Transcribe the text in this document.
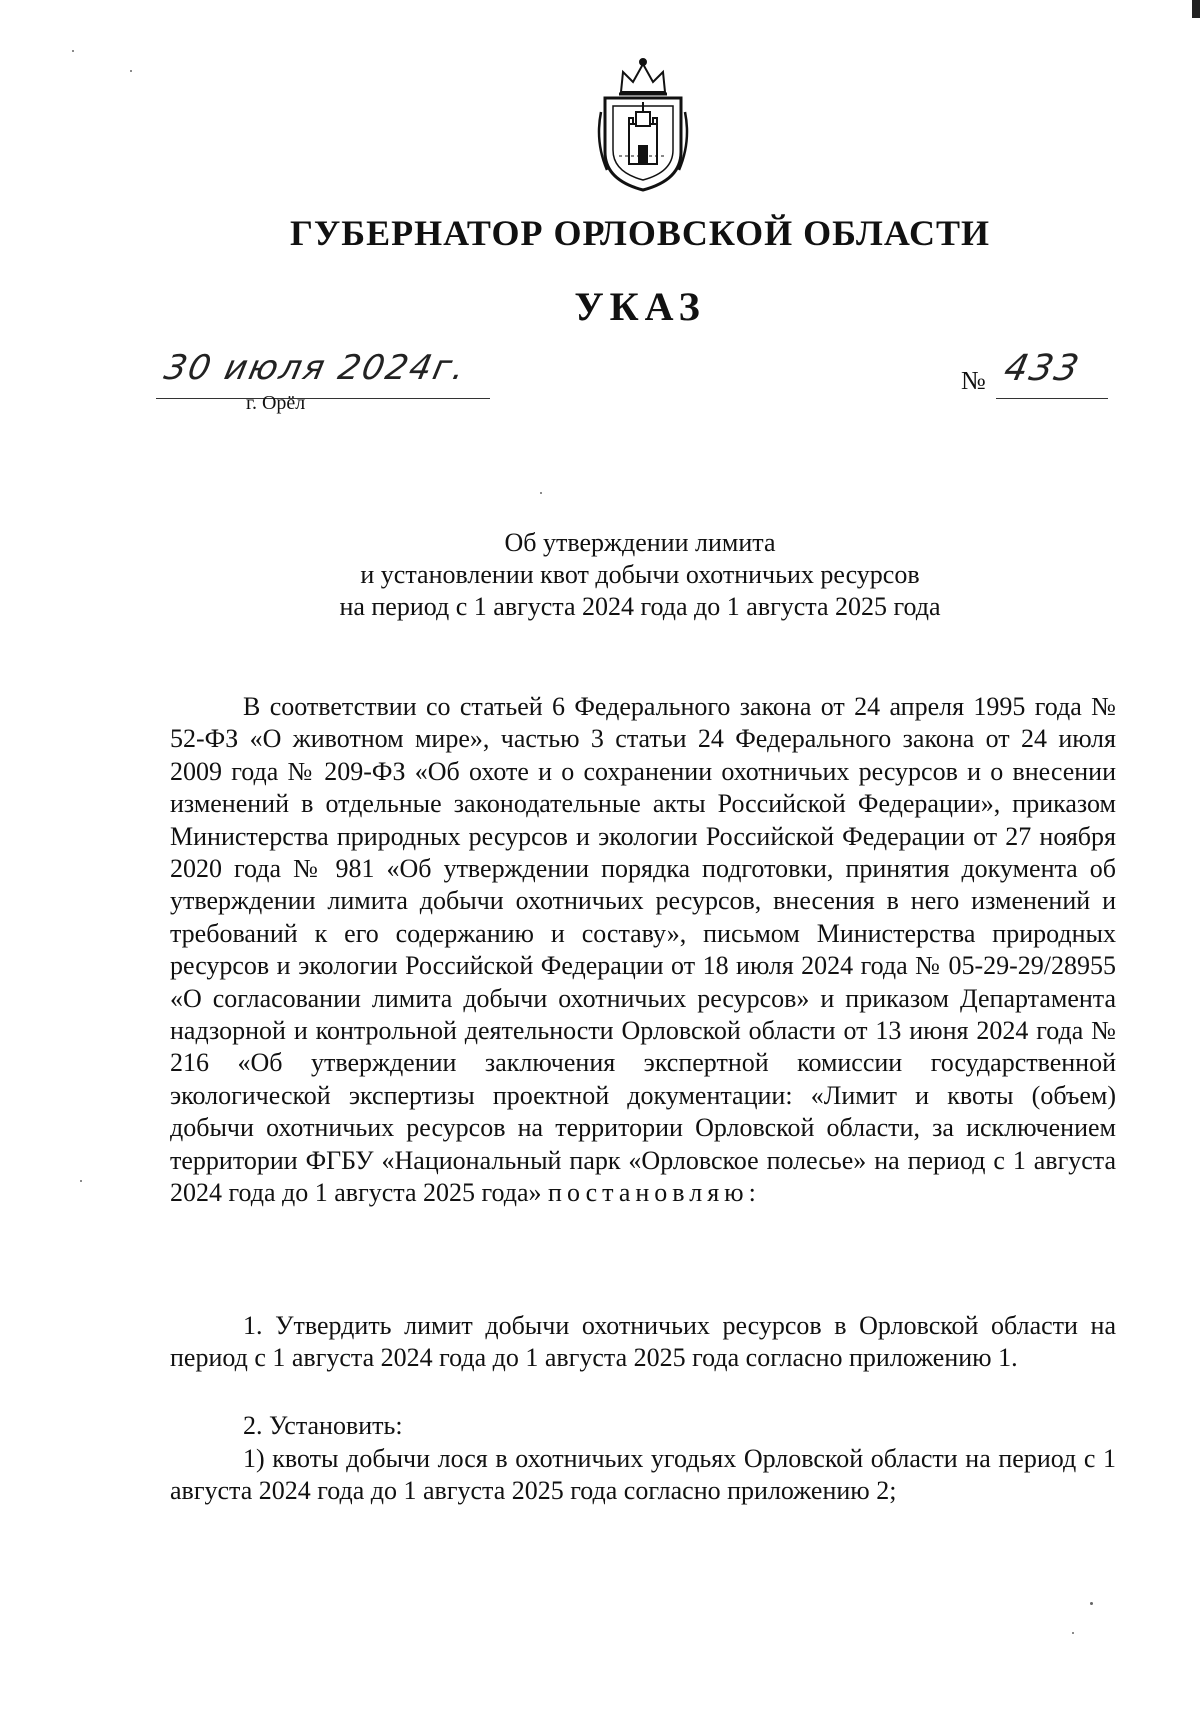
ГУБЕРНАТОР ОРЛОВСКОЙ ОБЛАСТИ
УКАЗ
30 июля 2024г.
г. Орёл
№ 433
Об утверждении лимита
и установлении квот добычи охотничьих ресурсов
на период с 1 августа 2024 года до 1 августа 2025 года

В соответствии со статьей 6 Федерального закона от 24 апреля 1995 года № 52-ФЗ «О животном мире», частью 3 статьи 24 Федерального закона от 24 июля 2009 года № 209-ФЗ «Об охоте и о сохранении охотничьих ресурсов и о внесении изменений в отдельные законодательные акты Российской Федерации», приказом Министерства природных ресурсов и экологии Российской Федерации от 27 ноября 2020 года № 981 «Об утверждении порядка подготовки, принятия документа об утверждении лимита добычи охотничьих ресурсов, внесения в него изменений и требований к его содержанию и составу», письмом Министерства природных ресурсов и экологии Российской Федерации от 18 июля 2024 года № 05-29-29/28955 «О согласовании лимита добычи охотничьих ресурсов» и приказом Департамента надзорной и контрольной деятельности Орловской области от 13 июня 2024 года № 216 «Об утверждении заключения экспертной комиссии государственной экологической экспертизы проектной документации: «Лимит и квоты (объем) добычи охотничьих ресурсов на территории Орловской области, за исключением территории ФГБУ «Национальный парк «Орловское полесье» на период с 1 августа 2024 года до 1 августа 2025 года» постановляю:

1. Утвердить лимит добычи охотничьих ресурсов в Орловской области на период с 1 августа 2024 года до 1 августа 2025 года согласно приложению 1.

2. Установить:

1) квоты добычи лося в охотничьих угодьях Орловской области на период с 1 августа 2024 года до 1 августа 2025 года согласно приложению 2;
